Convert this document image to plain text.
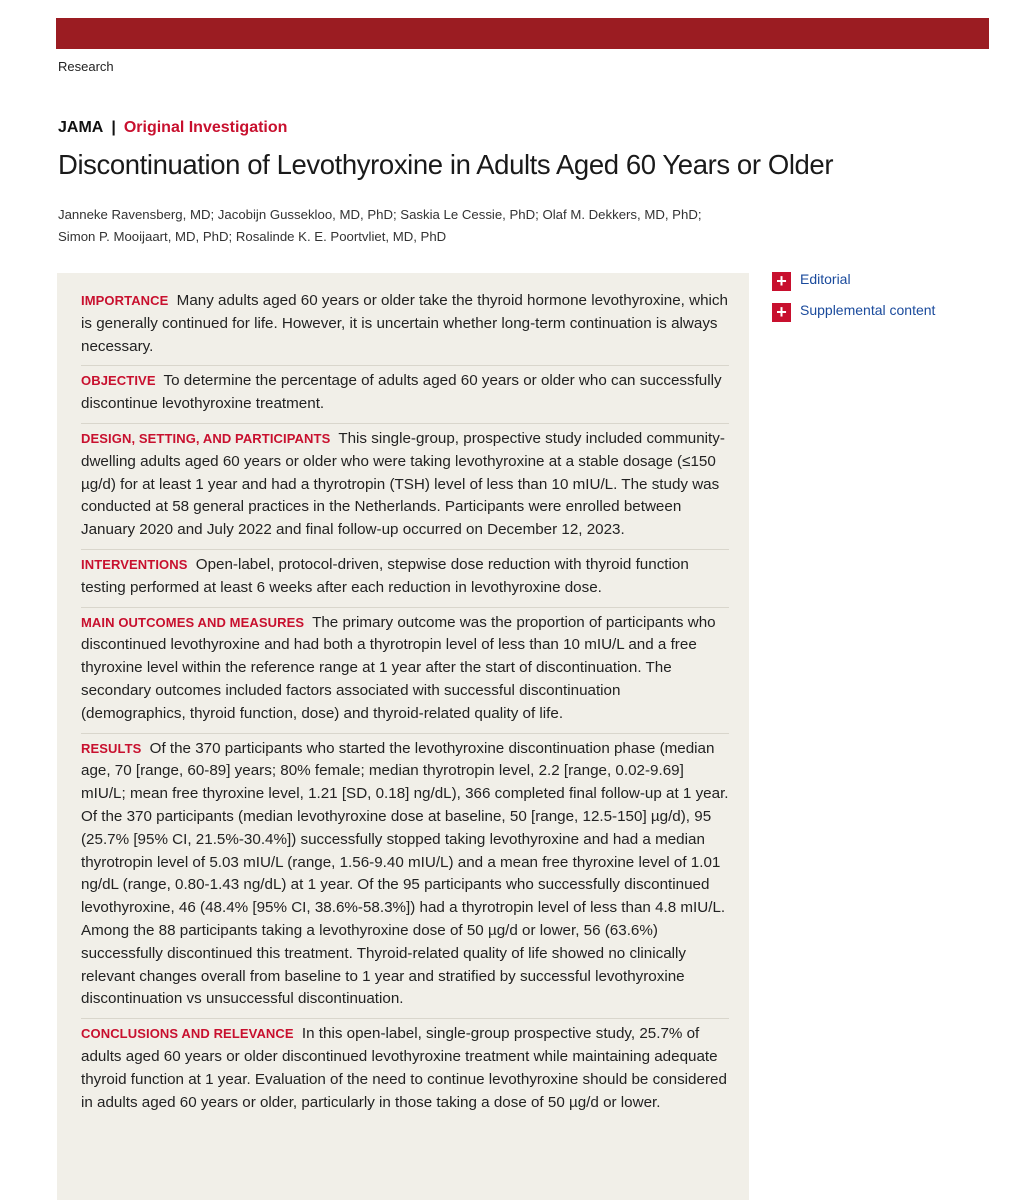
Research
JAMA | Original Investigation
Discontinuation of Levothyroxine in Adults Aged 60 Years or Older
Janneke Ravensberg, MD; Jacobijn Gussekloo, MD, PhD; Saskia Le Cessie, PhD; Olaf M. Dekkers, MD, PhD;
Simon P. Mooijaart, MD, PhD; Rosalinde K. E. Poortvliet, MD, PhD
IMPORTANCE Many adults aged 60 years or older take the thyroid hormone levothyroxine, which is generally continued for life. However, it is uncertain whether long-term continuation is always necessary.
OBJECTIVE To determine the percentage of adults aged 60 years or older who can successfully discontinue levothyroxine treatment.
DESIGN, SETTING, AND PARTICIPANTS This single-group, prospective study included community-dwelling adults aged 60 years or older who were taking levothyroxine at a stable dosage (≤150 µg/d) for at least 1 year and had a thyrotropin (TSH) level of less than 10 mIU/L. The study was conducted at 58 general practices in the Netherlands. Participants were enrolled between January 2020 and July 2022 and final follow-up occurred on December 12, 2023.
INTERVENTIONS Open-label, protocol-driven, stepwise dose reduction with thyroid function testing performed at least 6 weeks after each reduction in levothyroxine dose.
MAIN OUTCOMES AND MEASURES The primary outcome was the proportion of participants who discontinued levothyroxine and had both a thyrotropin level of less than 10 mIU/L and a free thyroxine level within the reference range at 1 year after the start of discontinuation. The secondary outcomes included factors associated with successful discontinuation (demographics, thyroid function, dose) and thyroid-related quality of life.
RESULTS Of the 370 participants who started the levothyroxine discontinuation phase (median age, 70 [range, 60-89] years; 80% female; median thyrotropin level, 2.2 [range, 0.02-9.69] mIU/L; mean free thyroxine level, 1.21 [SD, 0.18] ng/dL), 366 completed final follow-up at 1 year. Of the 370 participants (median levothyroxine dose at baseline, 50 [range, 12.5-150] µg/d), 95 (25.7% [95% CI, 21.5%-30.4%]) successfully stopped taking levothyroxine and had a median thyrotropin level of 5.03 mIU/L (range, 1.56-9.40 mIU/L) and a mean free thyroxine level of 1.01 ng/dL (range, 0.80-1.43 ng/dL) at 1 year. Of the 95 participants who successfully discontinued levothyroxine, 46 (48.4% [95% CI, 38.6%-58.3%]) had a thyrotropin level of less than 4.8 mIU/L. Among the 88 participants taking a levothyroxine dose of 50 µg/d or lower, 56 (63.6%) successfully discontinued this treatment. Thyroid-related quality of life showed no clinically relevant changes overall from baseline to 1 year and stratified by successful levothyroxine discontinuation vs unsuccessful discontinuation.
CONCLUSIONS AND RELEVANCE In this open-label, single-group prospective study, 25.7% of adults aged 60 years or older discontinued levothyroxine treatment while maintaining adequate thyroid function at 1 year. Evaluation of the need to continue levothyroxine should be considered in adults aged 60 years or older, particularly in those taking a dose of 50 µg/d or lower.
+ Editorial
+ Supplemental content
